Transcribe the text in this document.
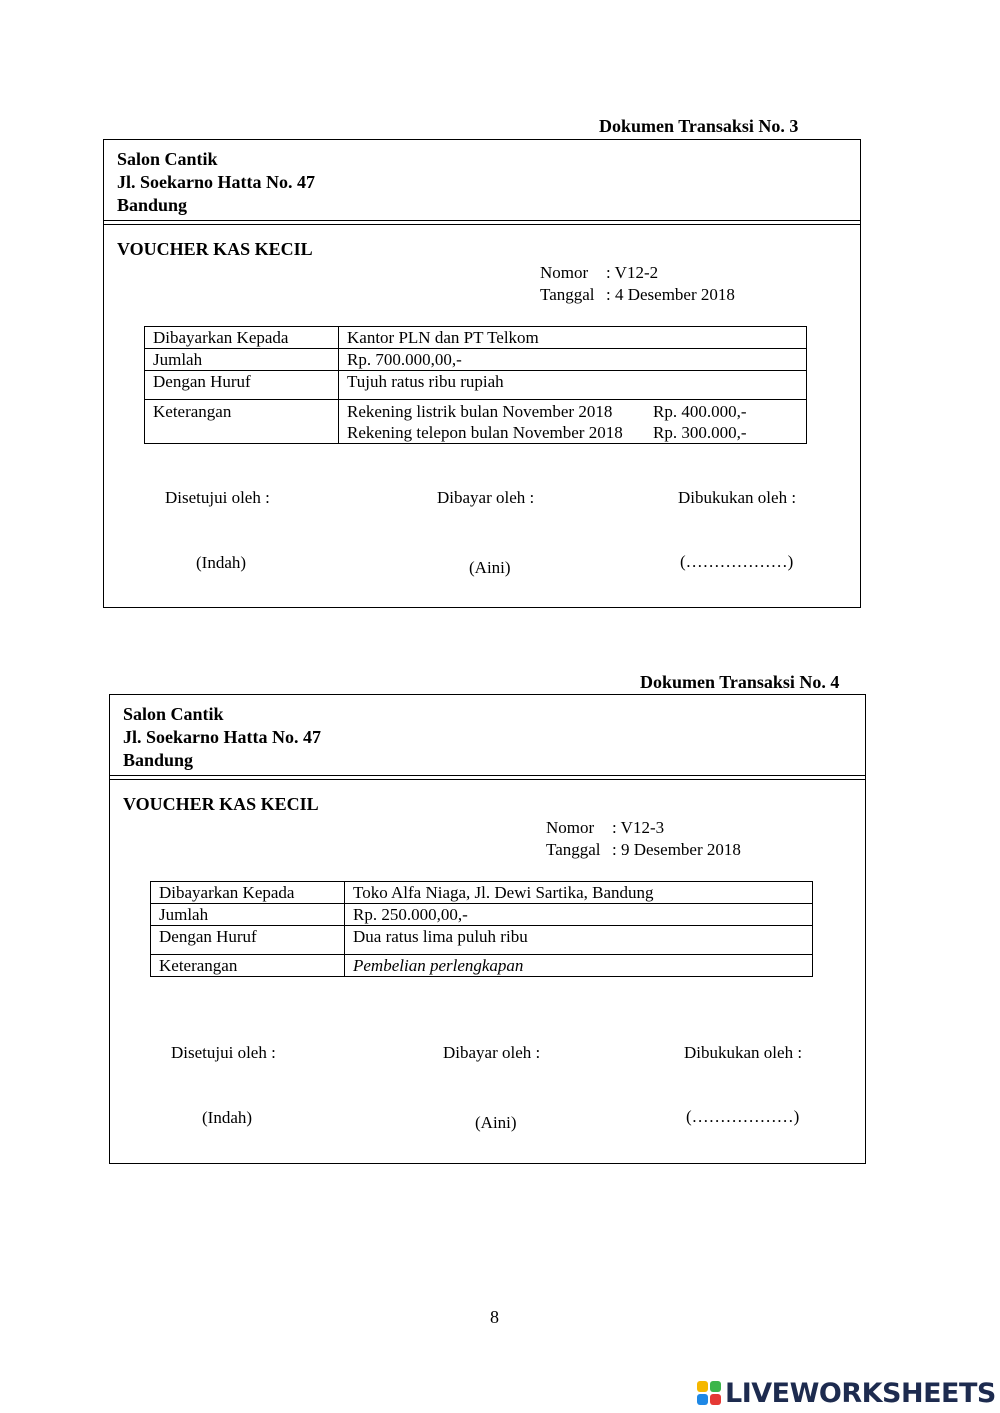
Dokumen Transaksi No. 3
Salon Cantik
Jl. Soekarno Hatta No. 47
Bandung
VOUCHER KAS KECIL
Nomor : V12-2
Tanggal : 4 Desember 2018
Dibayarkan Kepada	Kantor PLN dan PT Telkom
Jumlah	Rp. 700.000,00,-
Dengan Huruf	Tujuh ratus ribu rupiah
Keterangan	Rekening listrik bulan November 2018 Rp. 400.000,-
Rekening telepon bulan November 2018 Rp. 300.000,-
Disetujui oleh :	Dibayar oleh :	Dibukukan oleh :
(Indah)	(Aini)	(………………)
Dokumen Transaksi No. 4
Salon Cantik
Jl. Soekarno Hatta No. 47
Bandung
VOUCHER KAS KECIL
Nomor : V12-3
Tanggal : 9 Desember 2018
Dibayarkan Kepada	Toko Alfa Niaga, Jl. Dewi Sartika, Bandung
Jumlah	Rp. 250.000,00,-
Dengan Huruf	Dua ratus lima puluh ribu
Keterangan	Pembelian perlengkapan
Disetujui oleh :	Dibayar oleh :	Dibukukan oleh :
(Indah)	(Aini)	(………………)
8
LIVEWORKSHEETS
